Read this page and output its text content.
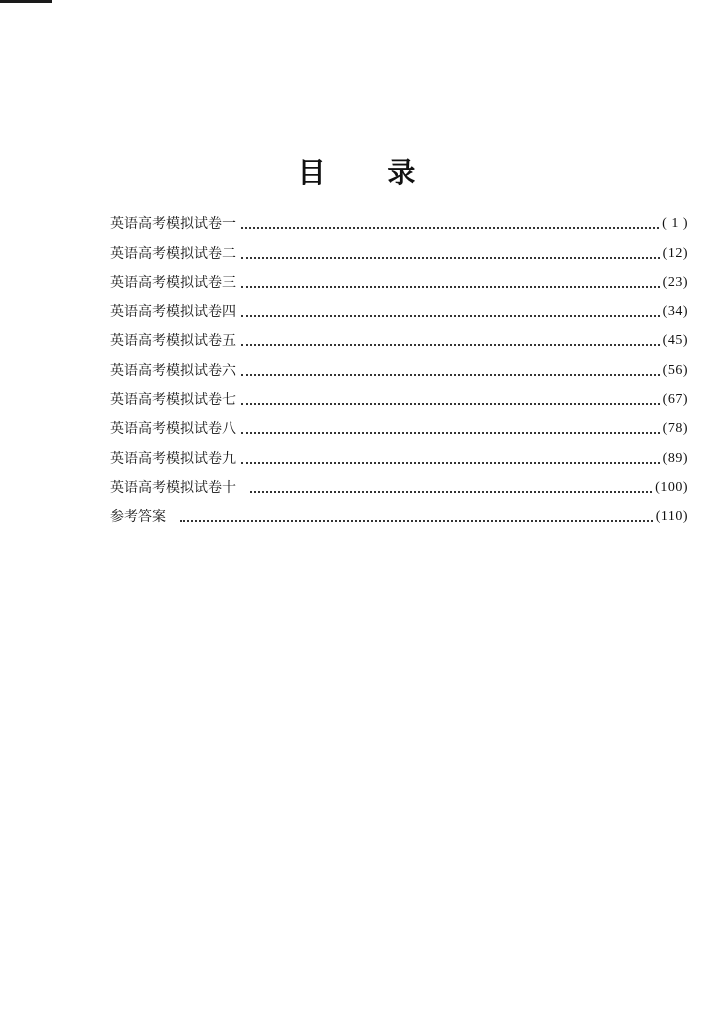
目 录
英语高考模拟试卷一	( 1 )
英语高考模拟试卷二	(12)
英语高考模拟试卷三	(23)
英语高考模拟试卷四	(34)
英语高考模拟试卷五	(45)
英语高考模拟试卷六	(56)
英语高考模拟试卷七	(67)
英语高考模拟试卷八	(78)
英语高考模拟试卷九	(89)
英语高考模拟试卷十	(100)
参考答案	(110)
